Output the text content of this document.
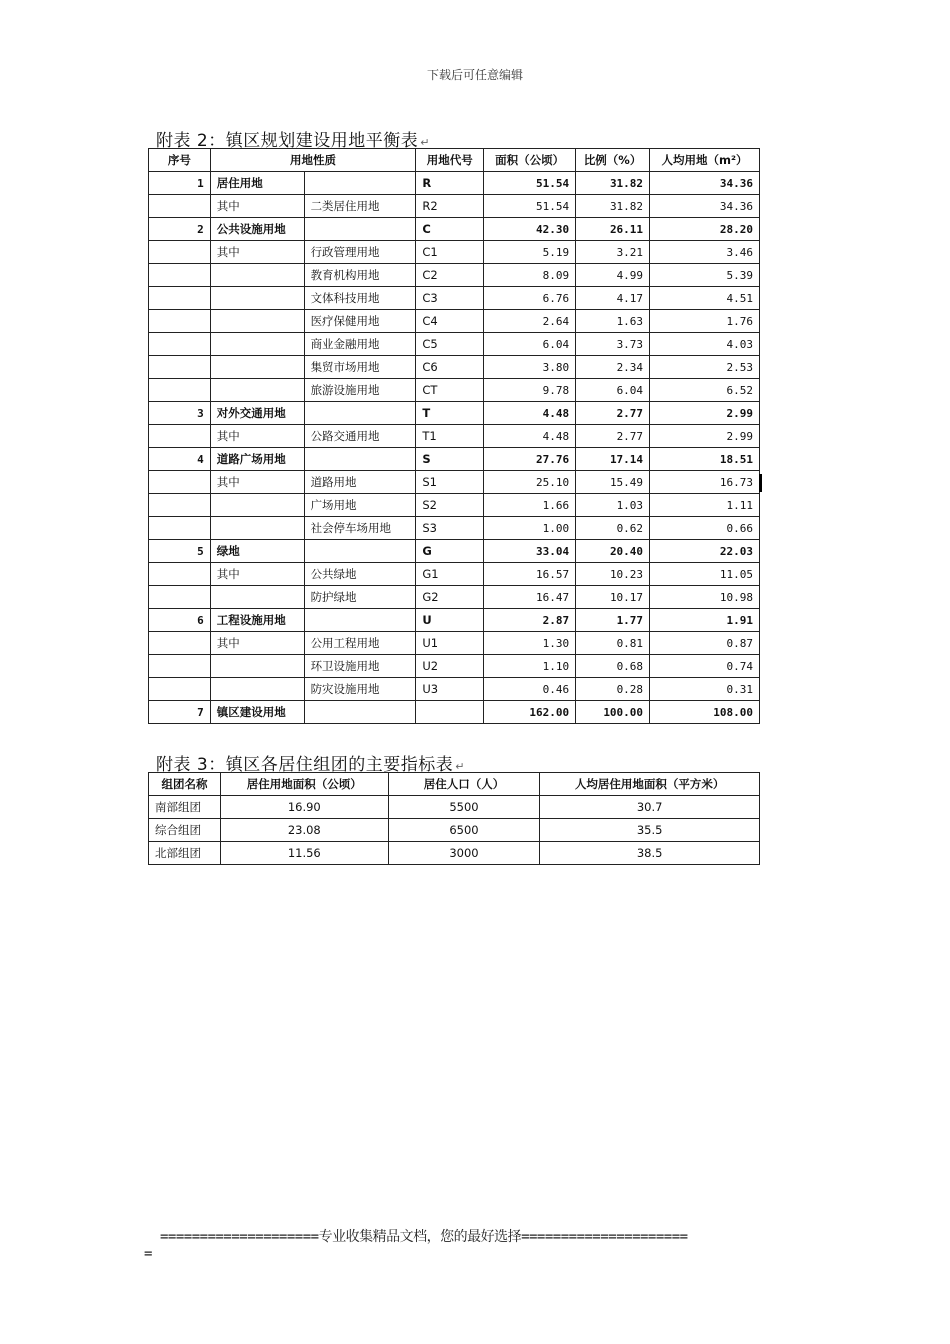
下载后可任意编辑
附表 2：镇区规划建设用地平衡表 ↵
序号	用地性质		用地代号	面积（公顷）	比例（%）	人均用地（m²）
1	居住用地		R	51.54	31.82	34.36
	其中	二类居住用地	R2	51.54	31.82	34.36
2	公共设施用地		C	42.30	26.11	28.20
	其中	行政管理用地	C1	5.19	3.21	3.46
		教育机构用地	C2	8.09	4.99	5.39
		文体科技用地	C3	6.76	4.17	4.51
		医疗保健用地	C4	2.64	1.63	1.76
		商业金融用地	C5	6.04	3.73	4.03
		集贸市场用地	C6	3.80	2.34	2.53
		旅游设施用地	CT	9.78	6.04	6.52
3	对外交通用地		T	4.48	2.77	2.99
	其中	公路交通用地	T1	4.48	2.77	2.99
4	道路广场用地		S	27.76	17.14	18.51
	其中	道路用地	S1	25.10	15.49	16.73
		广场用地	S2	1.66	1.03	1.11
		社会停车场用地	S3	1.00	0.62	0.66
5	绿地		G	33.04	20.40	22.03
	其中	公共绿地	G1	16.57	10.23	11.05
		防护绿地	G2	16.47	10.17	10.98
6	工程设施用地		U	2.87	1.77	1.91
	其中	公用工程用地	U1	1.30	0.81	0.87
		环卫设施用地	U2	1.10	0.68	0.74
		防灾设施用地	U3	0.46	0.28	0.31
7	镇区建设用地			162.00	100.00	108.00
附表 3：镇区各居住组团的主要指标表 ↵
组团名称	居住用地面积（公顷）	居住人口（人）	人均居住用地面积（平方米）
南部组团	16.90	5500	30.7
综合组团	23.08	6500	35.5
北部组团	11.56	3000	38.5
====================专业收集精品文档，您的最好选择=====================
=
